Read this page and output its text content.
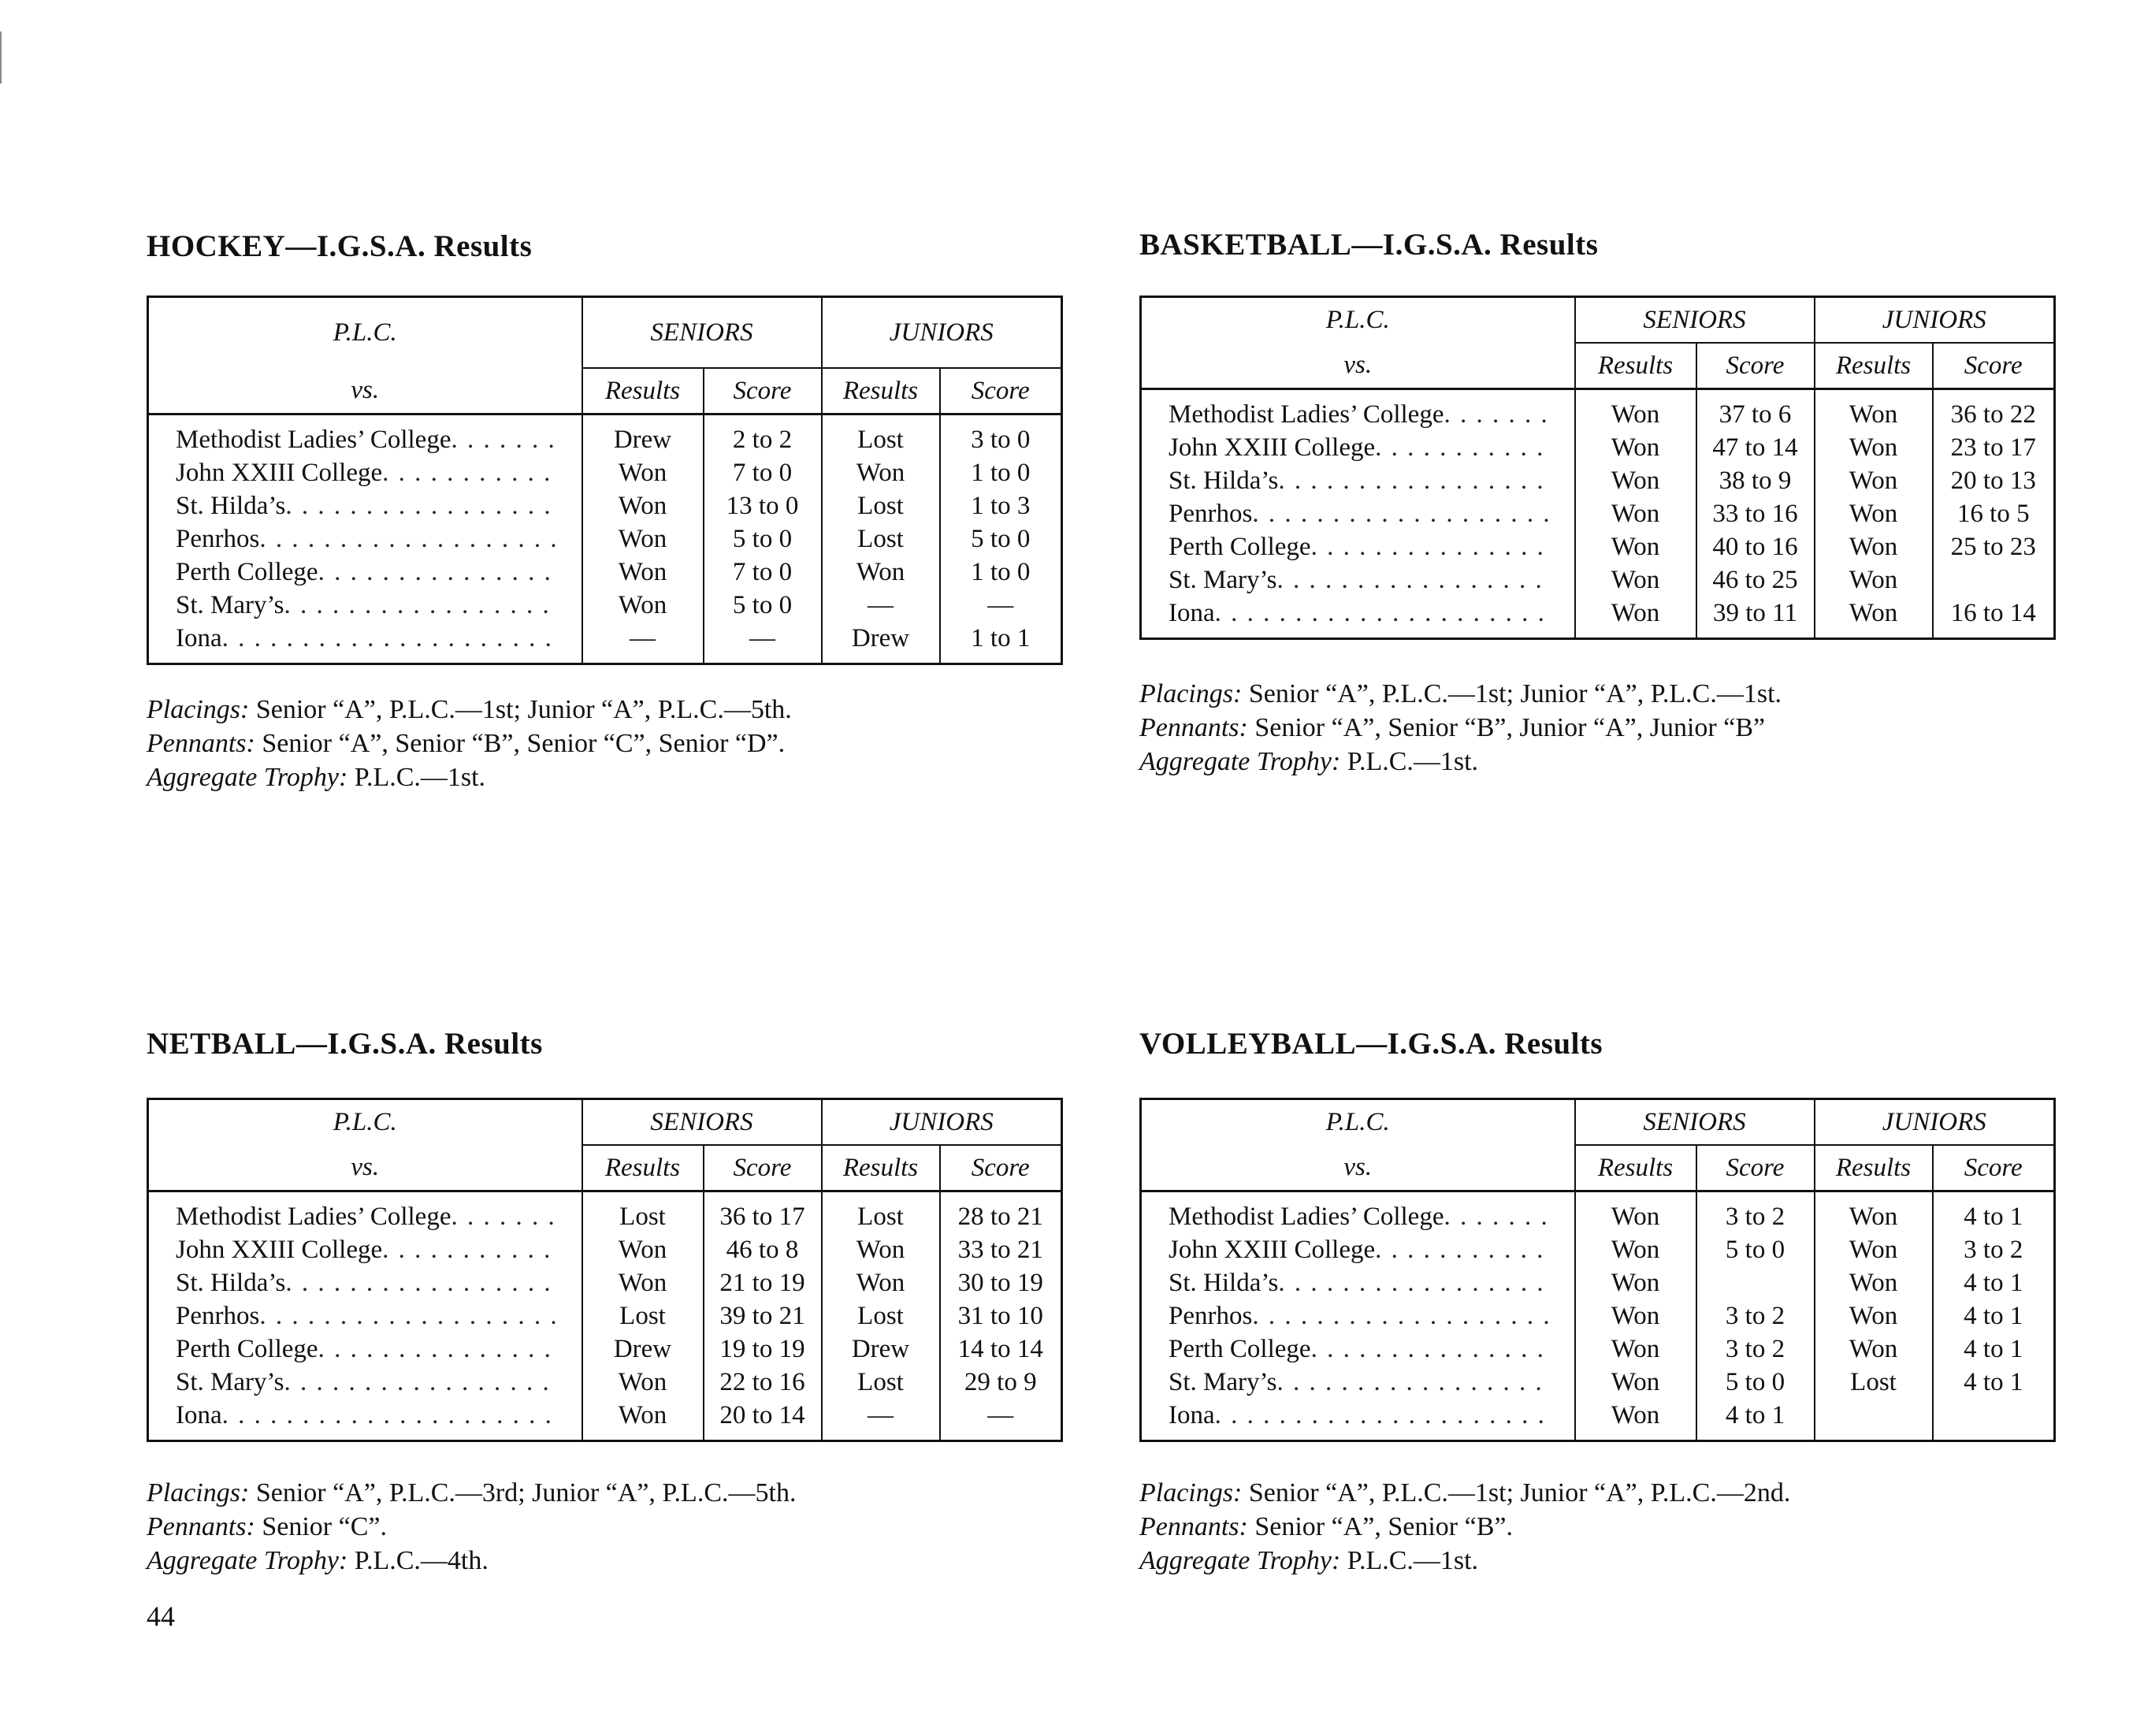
HOCKEY—I.G.S.A. Results
P.L.C.	SENIORS		JUNIORS	
vs.	Results	Score	Results	Score

Methodist Ladies’ College
. . .	Drew	2 to 2	Lost	3 to 0

John XXIII College
. . .	Won	7 to 0	Won	1 to 0

St. Hilda’s
. . .	Won	13 to 0	Lost	1 to 3

Penrhos
. . .	Won	5 to 0	Lost	5 to 0

Perth College
. . .	Won	7 to 0	Won	1 to 0

St. Mary’s
. . .	Won	5 to 0	—	—

Iona
. . .	—	—	Drew	1 to 1
Placings: Senior “A”, P.L.C.—1st; Junior “A”, P.L.C.—5th.
Pennants: Senior “A”, Senior “B”, Senior “C”, Senior “D”.
Aggregate Trophy: P.L.C.—1st.
BASKETBALL—I.G.S.A. Results
P.L.C.	SENIORS		JUNIORS	
vs.	Results	Score	Results	Score

Methodist Ladies’ College
. . .	Won	37 to 6	Won	36 to 22

John XXIII College
. . .	Won	47 to 14	Won	23 to 17

St. Hilda’s
. . .	Won	38 to 9	Won	20 to 13

Penrhos
. . .	Won	33 to 16	Won	16 to 5

Perth College
. . .	Won	40 to 16	Won	25 to 23

St. Mary’s
. . .	Won	46 to 25	Won	

Iona
. . .	Won	39 to 11	Won	16 to 14
Placings: Senior “A”, P.L.C.—1st; Junior “A”, P.L.C.—1st.
Pennants: Senior “A”, Senior “B”, Junior “A”, Junior “B”
Aggregate Trophy: P.L.C.—1st.
NETBALL—I.G.S.A. Results
P.L.C.	SENIORS		JUNIORS	
vs.	Results	Score	Results	Score

Methodist Ladies’ College
. . .	Lost	36 to 17	Lost	28 to 21

John XXIII College
. . .	Won	46 to 8	Won	33 to 21

St. Hilda’s
. . .	Won	21 to 19	Won	30 to 19

Penrhos
. . .	Lost	39 to 21	Lost	31 to 10

Perth College
. . .	Drew	19 to 19	Drew	14 to 14

St. Mary’s
. . .	Won	22 to 16	Lost	29 to 9

Iona
. . .	Won	20 to 14	—	—
Placings: Senior “A”, P.L.C.—3rd; Junior “A”, P.L.C.—5th.
Pennants: Senior “C”.
Aggregate Trophy: P.L.C.—4th.
VOLLEYBALL—I.G.S.A. Results
P.L.C.	SENIORS		JUNIORS	
vs.	Results	Score	Results	Score

Methodist Ladies’ College
. . .	Won	3 to 2	Won	4 to 1

John XXIII College
. . .	Won	5 to 0	Won	3 to 2

St. Hilda’s
. . .	Won		Won	4 to 1

Penrhos
. . .	Won	3 to 2	Won	4 to 1

Perth College
. . .	Won	3 to 2	Won	4 to 1

St. Mary’s
. . .	Won	5 to 0	Lost	4 to 1

Iona
. . .	Won	4 to 1		
Placings: Senior “A”, P.L.C.—1st; Junior “A”, P.L.C.—2nd.
Pennants: Senior “A”, Senior “B”.
Aggregate Trophy: P.L.C.—1st.
44
